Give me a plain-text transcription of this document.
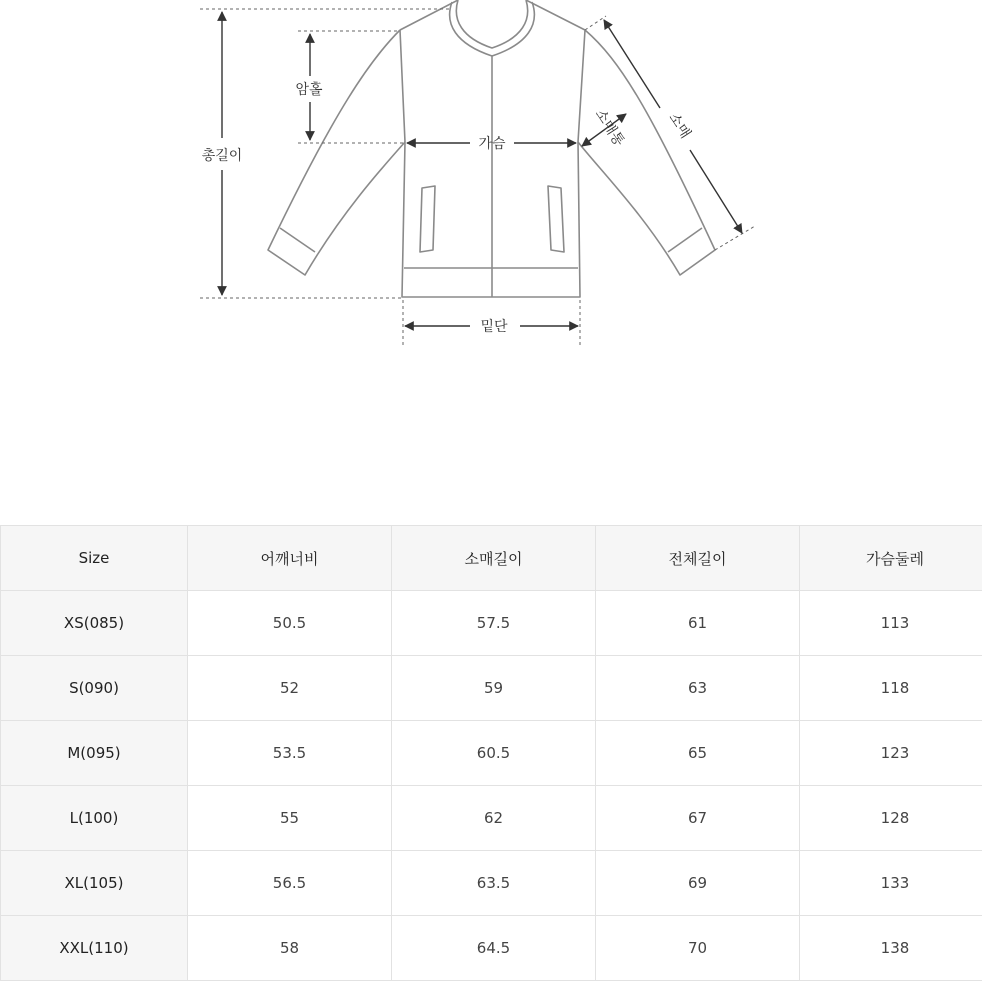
총길이
암홀
가슴
밑단
소매
소매통
Size	어깨너비	소매길이	전체길이	가슴둘레
XS(085)	50.5	57.5	61	113
S(090)	52	59	63	118
M(095)	53.5	60.5	65	123
L(100)	55	62	67	128
XL(105)	56.5	63.5	69	133
XXL(110)	58	64.5	70	138
